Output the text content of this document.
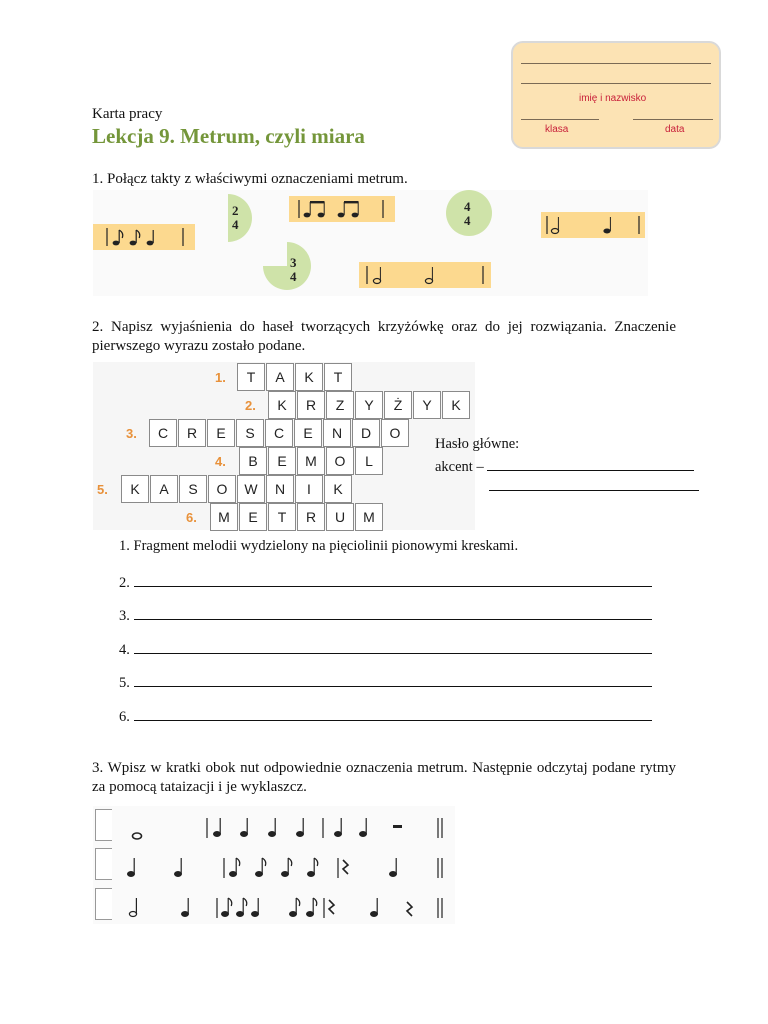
imię i nazwisko
klasa	data
Karta pracy
Lekcja 9. Metrum, czyli miara
1. Połącz takty z właściwymi oznaczeniami metrum.
2
4
4
4
3
4
2. Napisz wyjaśnienia do haseł tworzących krzyżówkę oraz do jej rozwiązania. Znaczenie pierwszego wyrazu zostało podane.
1.	T	A	K	T
2.	K	R	Z	Y	Ż	Y	K
3.	C	R	E	S	C	E	N	D	O
4.	B	E	M	O	L
5.	K	A	S	O	W	N	I	K
6.	M	E	T	R	U	M
Hasło główne:
akcent –
1. Fragment melodii wydzielony na pięciolinii pionowymi kreskami.
2.
3.
4.
5.
6.
3. Wpisz w kratki obok nut odpowiednie oznaczenia metrum. Następnie odczytaj podane rytmy za pomocą tataizacji i je wyklaszcz.
